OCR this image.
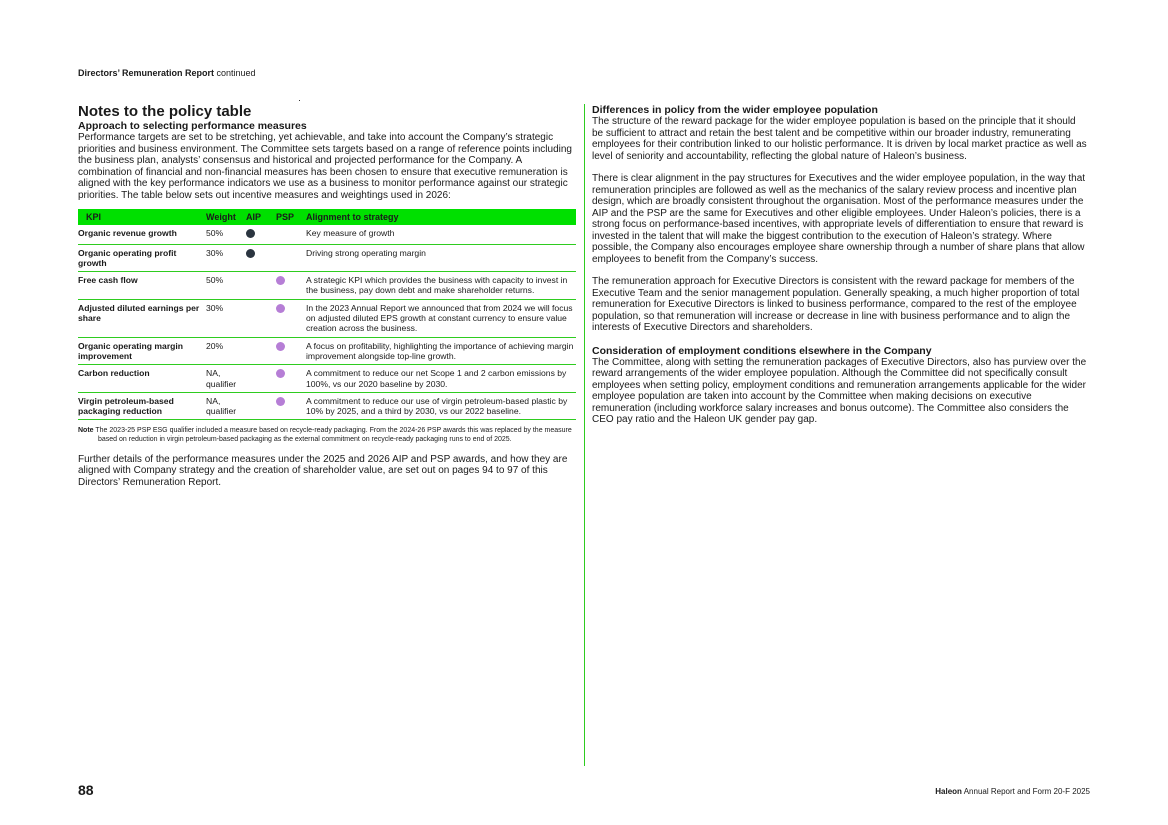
Directors’ Remuneration Report continued
Notes to the policy table
Approach to selecting performance measures

Performance targets are set to be stretching, yet achievable, and take into account the Company’s strategic priorities and business environment. The Committee sets targets based on a range of reference points including the business plan, analysts’ consensus and historical and projected performance for the Company. A combination of financial and non-financial measures has been chosen to ensure that executive remuneration is aligned with the key performance indicators we use as a business to monitor performance against our strategic priorities. The table below sets out incentive measures and weightings used in 2026:

KPI	Weight	AIP	PSP	Alignment to strategy
Organic revenue growth	50%			Key measure of growth
Organic operating profit growth	30%			Driving strong operating margin
Free cash flow	50%			A strategic KPI which provides the business with capacity to invest in the business, pay down debt and make shareholder returns.
Adjusted diluted earnings per share	30%			In the 2023 Annual Report we announced that from 2024 we will focus on adjusted diluted EPS growth at constant currency to ensure value creation across the business.
Organic operating margin improvement	20%			A focus on profitability, highlighting the importance of achieving margin improvement alongside top-line growth.
Carbon reduction	NA, qualifier			A commitment to reduce our net Scope 1 and 2 carbon emissions by 100%, vs our 2020 baseline by 2030.
Virgin petroleum-based packaging reduction	NA, qualifier			A commitment to reduce our use of virgin petroleum-based plastic by 10% by 2025, and a third by 2030, vs our 2022 baseline.

Note The 2023-25 PSP ESG qualifier included a measure based on recycle-ready packaging. From the 2024-26 PSP awards this was replaced by the measure based on reduction in virgin petroleum-based packaging as the external commitment on recycle-ready packaging runs to end of 2025.

Further details of the performance measures under the 2025 and 2026 AIP and PSP awards, and how they are aligned with Company strategy and the creation of shareholder value, are set out on pages 94 to 97 of this Directors’ Remuneration Report.

Differences in policy from the wider employee population

The structure of the reward package for the wider employee population is based on the principle that it should be sufficient to attract and retain the best talent and be competitive within our broader industry, remunerating employees for their contribution linked to our holistic performance. It is driven by local market practice as well as level of seniority and accountability, reflecting the global nature of Haleon’s business.

There is clear alignment in the pay structures for Executives and the wider employee population, in the way that remuneration principles are followed as well as the mechanics of the salary review process and incentive plan design, which are broadly consistent throughout the organisation. Most of the performance measures under the AIP and the PSP are the same for Executives and other eligible employees. Under Haleon’s policies, there is a strong focus on performance-based incentives, with appropriate levels of differentiation to ensure that reward is invested in the talent that will make the biggest contribution to the execution of Haleon’s strategy. Where possible, the Company also encourages employee share ownership through a number of share plans that allow employees to benefit from the Company’s success.

The remuneration approach for Executive Directors is consistent with the reward package for members of the Executive Team and the senior management population. Generally speaking, a much higher proportion of total remuneration for Executive Directors is linked to business performance, compared to the rest of the employee population, so that remuneration will increase or decrease in line with business performance and to align the interests of Executive Directors and shareholders.

Consideration of employment conditions elsewhere in the Company

The Committee, along with setting the remuneration packages of Executive Directors, also has purview over the reward arrangements of the wider employee population. Although the Committee did not specifically consult employees when setting policy, employment conditions and remuneration arrangements applicable for the wider employee population are taken into account by the Committee when making decisions on executive remuneration (including workforce salary increases and bonus outcome). The Committee also considers the CEO pay ratio and the Haleon UK gender pay gap.

88	Haleon Annual Report and Form 20-F 2025
